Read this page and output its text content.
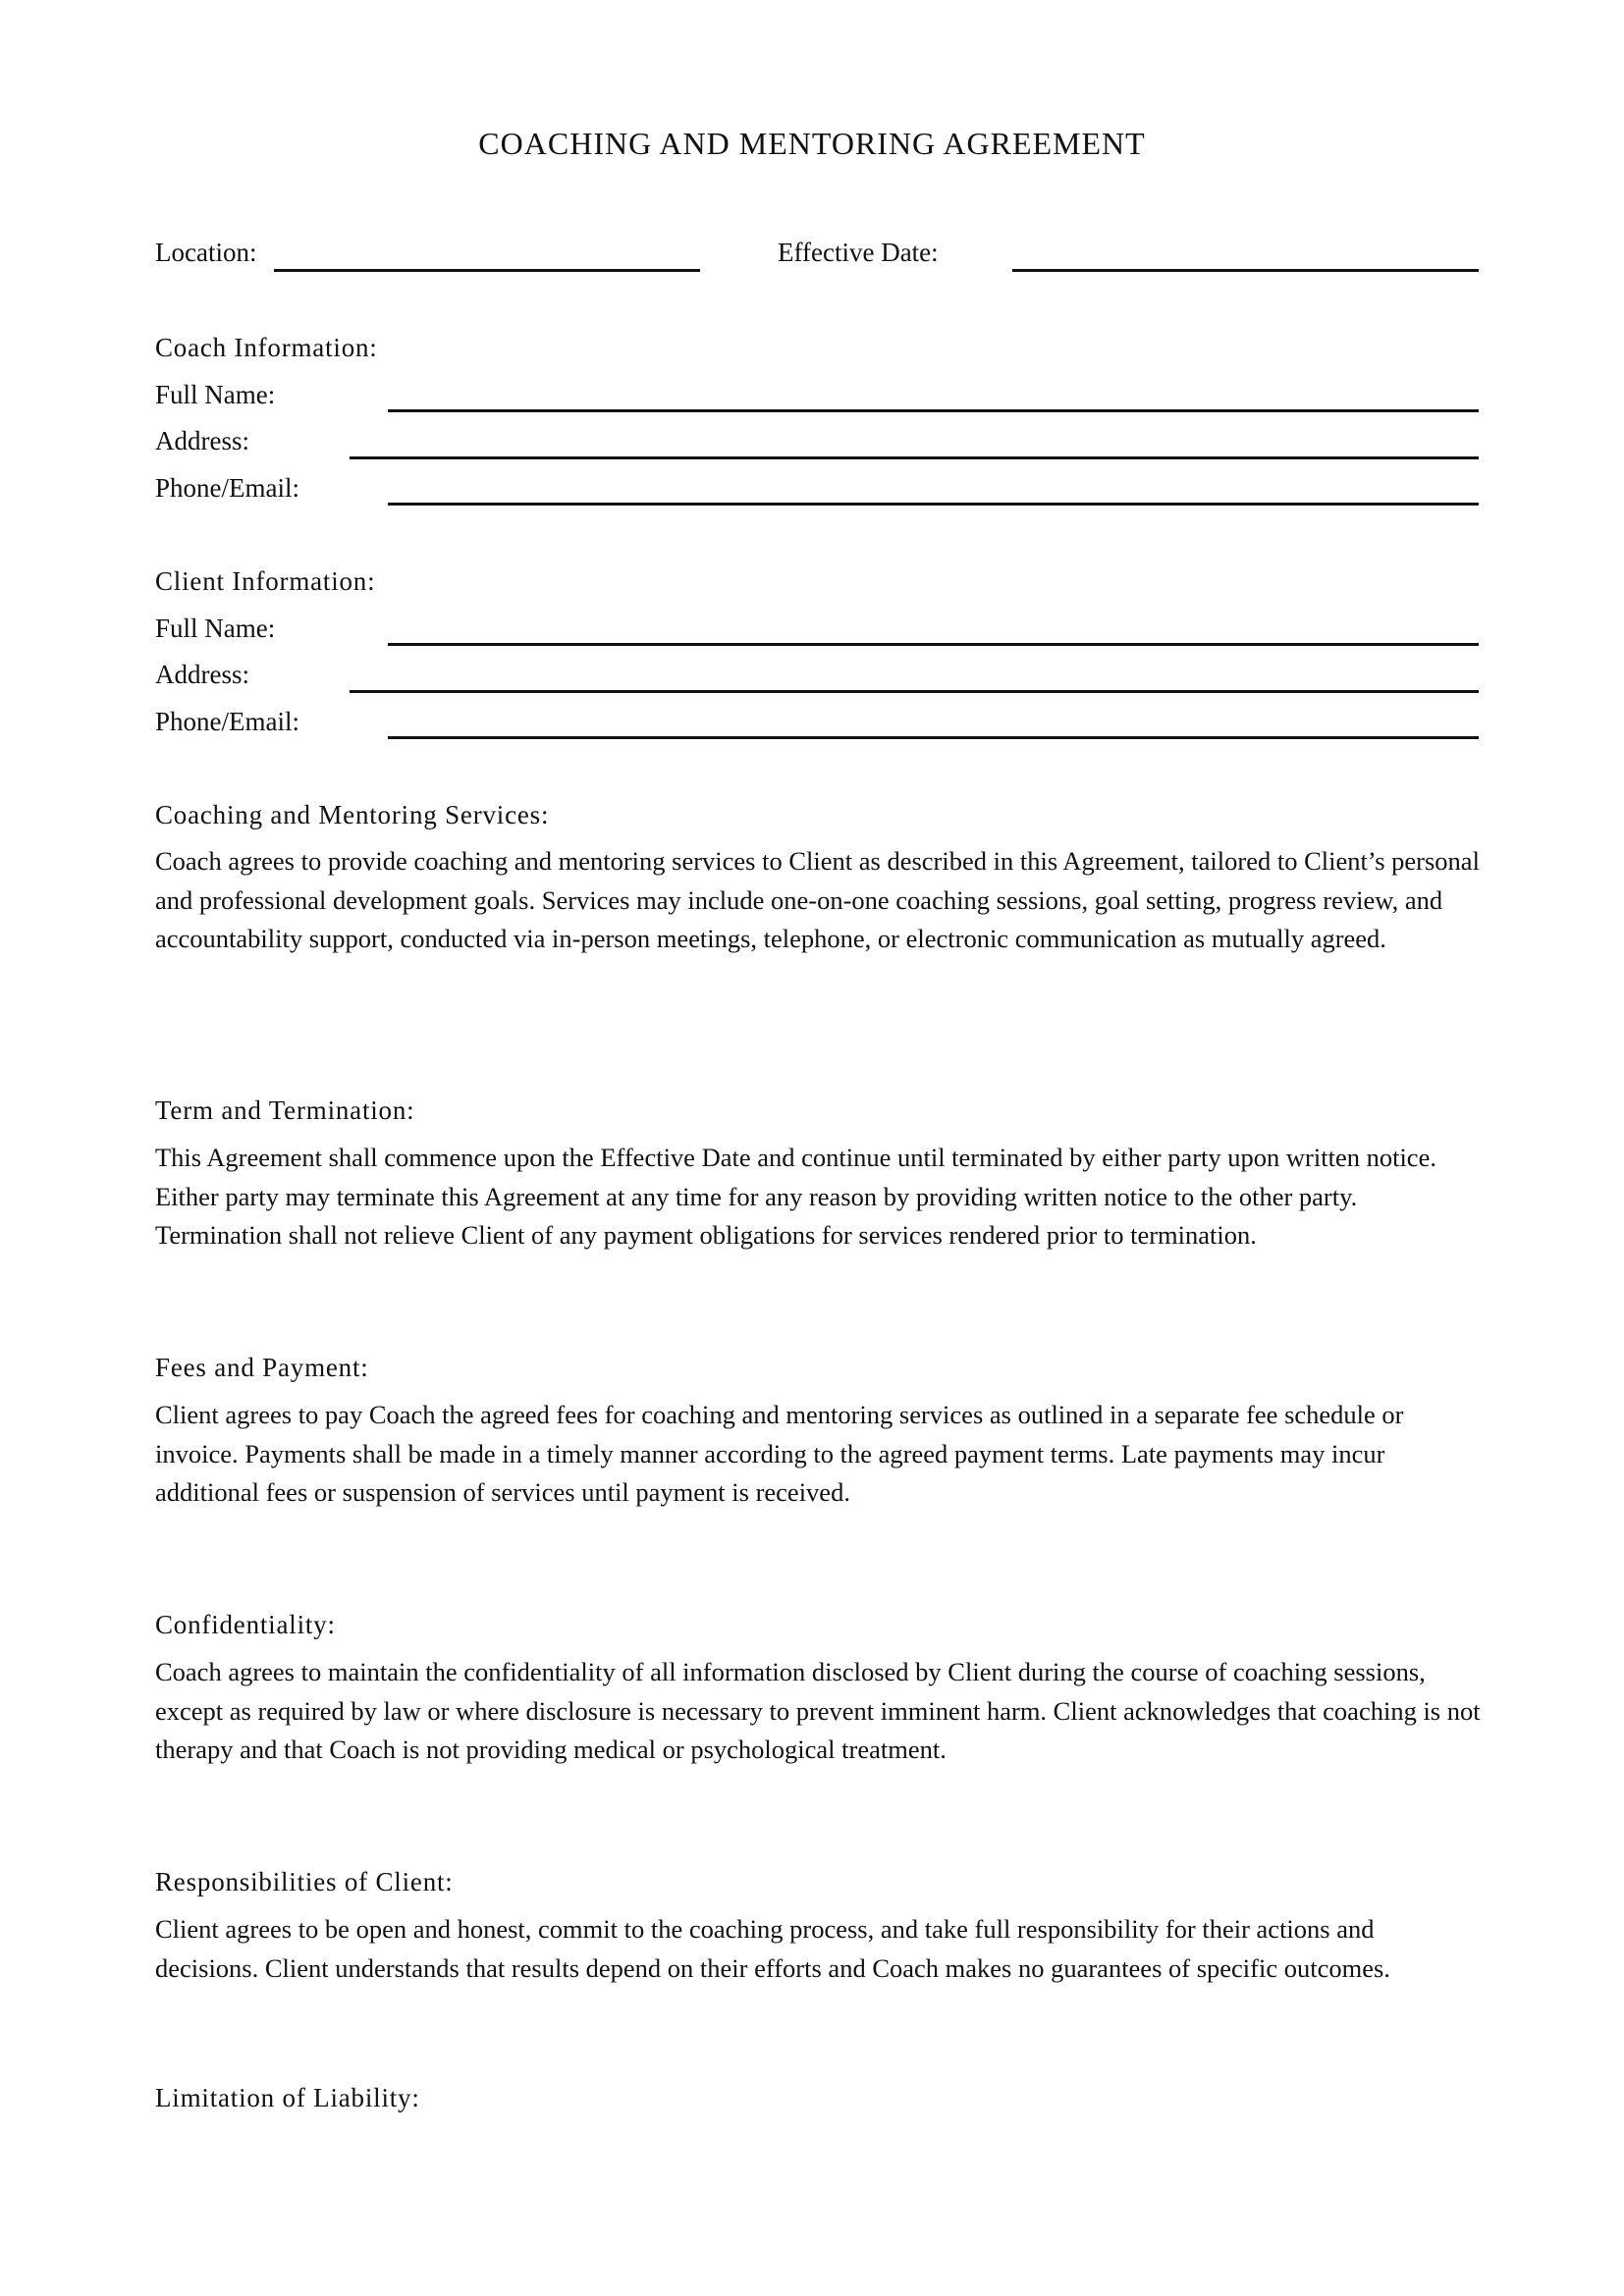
COACHING AND MENTORING AGREEMENT
Location:	Effective Date:
Coach Information:
Full Name:
Address:
Phone/Email:
Client Information:
Full Name:
Address:
Phone/Email:
Coaching and Mentoring Services:
Coach agrees to provide coaching and mentoring services to Client as described in this Agreement, tailored to Client’s personal and professional development goals. Services may include one-on-one coaching sessions, goal setting, progress review, and accountability support, conducted via in-person meetings, telephone, or electronic communication as mutually agreed.
Term and Termination:
This Agreement shall commence upon the Effective Date and continue until terminated by either party upon written notice. Either party may terminate this Agreement at any time for any reason by providing written notice to the other party. Termination shall not relieve Client of any payment obligations for services rendered prior to termination.
Fees and Payment:
Client agrees to pay Coach the agreed fees for coaching and mentoring services as outlined in a separate fee schedule or invoice. Payments shall be made in a timely manner according to the agreed payment terms. Late payments may incur additional fees or suspension of services until payment is received.
Confidentiality:
Coach agrees to maintain the confidentiality of all information disclosed by Client during the course of coaching sessions, except as required by law or where disclosure is necessary to prevent imminent harm. Client acknowledges that coaching is not therapy and that Coach is not providing medical or psychological treatment.
Responsibilities of Client:
Client agrees to be open and honest, commit to the coaching process, and take full responsibility for their actions and decisions. Client understands that results depend on their efforts and Coach makes no guarantees of specific outcomes.
Limitation of Liability:
